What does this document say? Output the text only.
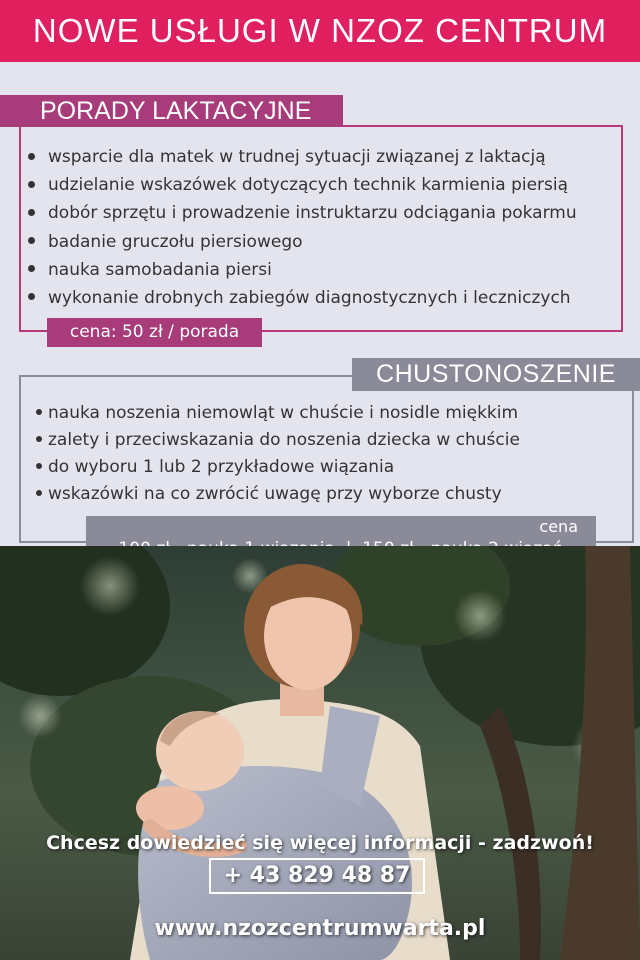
NOWE USŁUGI W NZOZ CENTRUM
PORADY LAKTACYJNE
wsparcie dla matek w trudnej sytuacji związanej z laktacją
udzielanie wskazówek dotyczących technik karmienia piersią
dobór sprzętu i prowadzenie instruktarzu odciągania pokarmu
badanie gruczołu piersiowego
nauka samobadania piersi
wykonanie drobnych zabiegów diagnostycznych i leczniczych
cena: 50 zł / porada
CHUSTONOSZENIE
nauka noszenia niemowląt w chuście i nosidle miękkim
zalety i przeciwskazania do noszenia dziecka w chuście
do wyboru 1 lub 2 przykładowe wiązania
wskazówki na co zwrócić uwagę przy wyborze chusty
cena
Chcesz dowiedzieć się więcej informacji - zadzwoń!
+ 43 829 48 87
www.nzozcentrumwarta.pl
